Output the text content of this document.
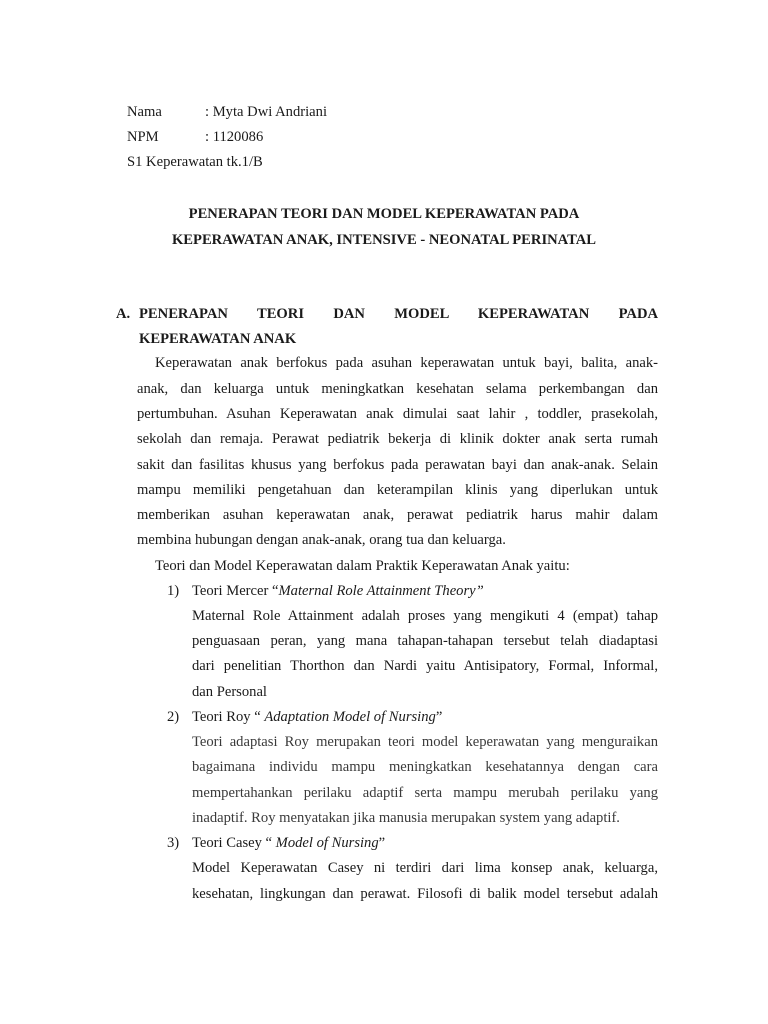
Nama	: Myta Dwi Andriani
NPM	: 1120086
S1 Keperawatan tk.1/B
PENERAPAN TEORI DAN MODEL KEPERAWATAN PADA
KEPERAWATAN ANAK, INTENSIVE - NEONATAL PERINATAL
A. PENERAPAN TEORI DAN MODEL KEPERAWATAN PADA
KEPERAWATAN ANAK
Keperawatan anak berfokus pada asuhan keperawatan untuk bayi, balita, anak-
anak, dan keluarga untuk meningkatkan kesehatan selama perkembangan dan
pertumbuhan. Asuhan Keperawatan anak dimulai saat lahir , toddler, prasekolah,
sekolah dan remaja. Perawat pediatrik bekerja di klinik dokter anak serta rumah
sakit dan fasilitas khusus yang berfokus pada perawatan bayi dan anak-anak. Selain
mampu memiliki pengetahuan dan keterampilan klinis yang diperlukan untuk
memberikan asuhan keperawatan anak, perawat pediatrik harus mahir dalam
membina hubungan dengan anak-anak, orang tua dan keluarga.
Teori dan Model Keperawatan dalam Praktik Keperawatan Anak yaitu:
1) Teori Mercer “Maternal Role Attainment Theory”
Maternal Role Attainment adalah proses yang mengikuti 4 (empat) tahap
penguasaan peran, yang mana tahapan-tahapan tersebut telah diadaptasi
dari penelitian Thorthon dan Nardi yaitu Antisipatory, Formal, Informal,
dan Personal
2) Teori Roy “ Adaptation Model of Nursing”
Teori adaptasi Roy merupakan teori model keperawatan yang menguraikan
bagaimana individu mampu meningkatkan kesehatannya dengan cara
mempertahankan perilaku adaptif serta mampu merubah perilaku yang
inadaptif. Roy menyatakan jika manusia merupakan system yang adaptif.
3) Teori Casey “ Model of Nursing”
Model Keperawatan Casey ni terdiri dari lima konsep anak, keluarga,
kesehatan, lingkungan dan perawat. Filosofi di balik model tersebut adalah
